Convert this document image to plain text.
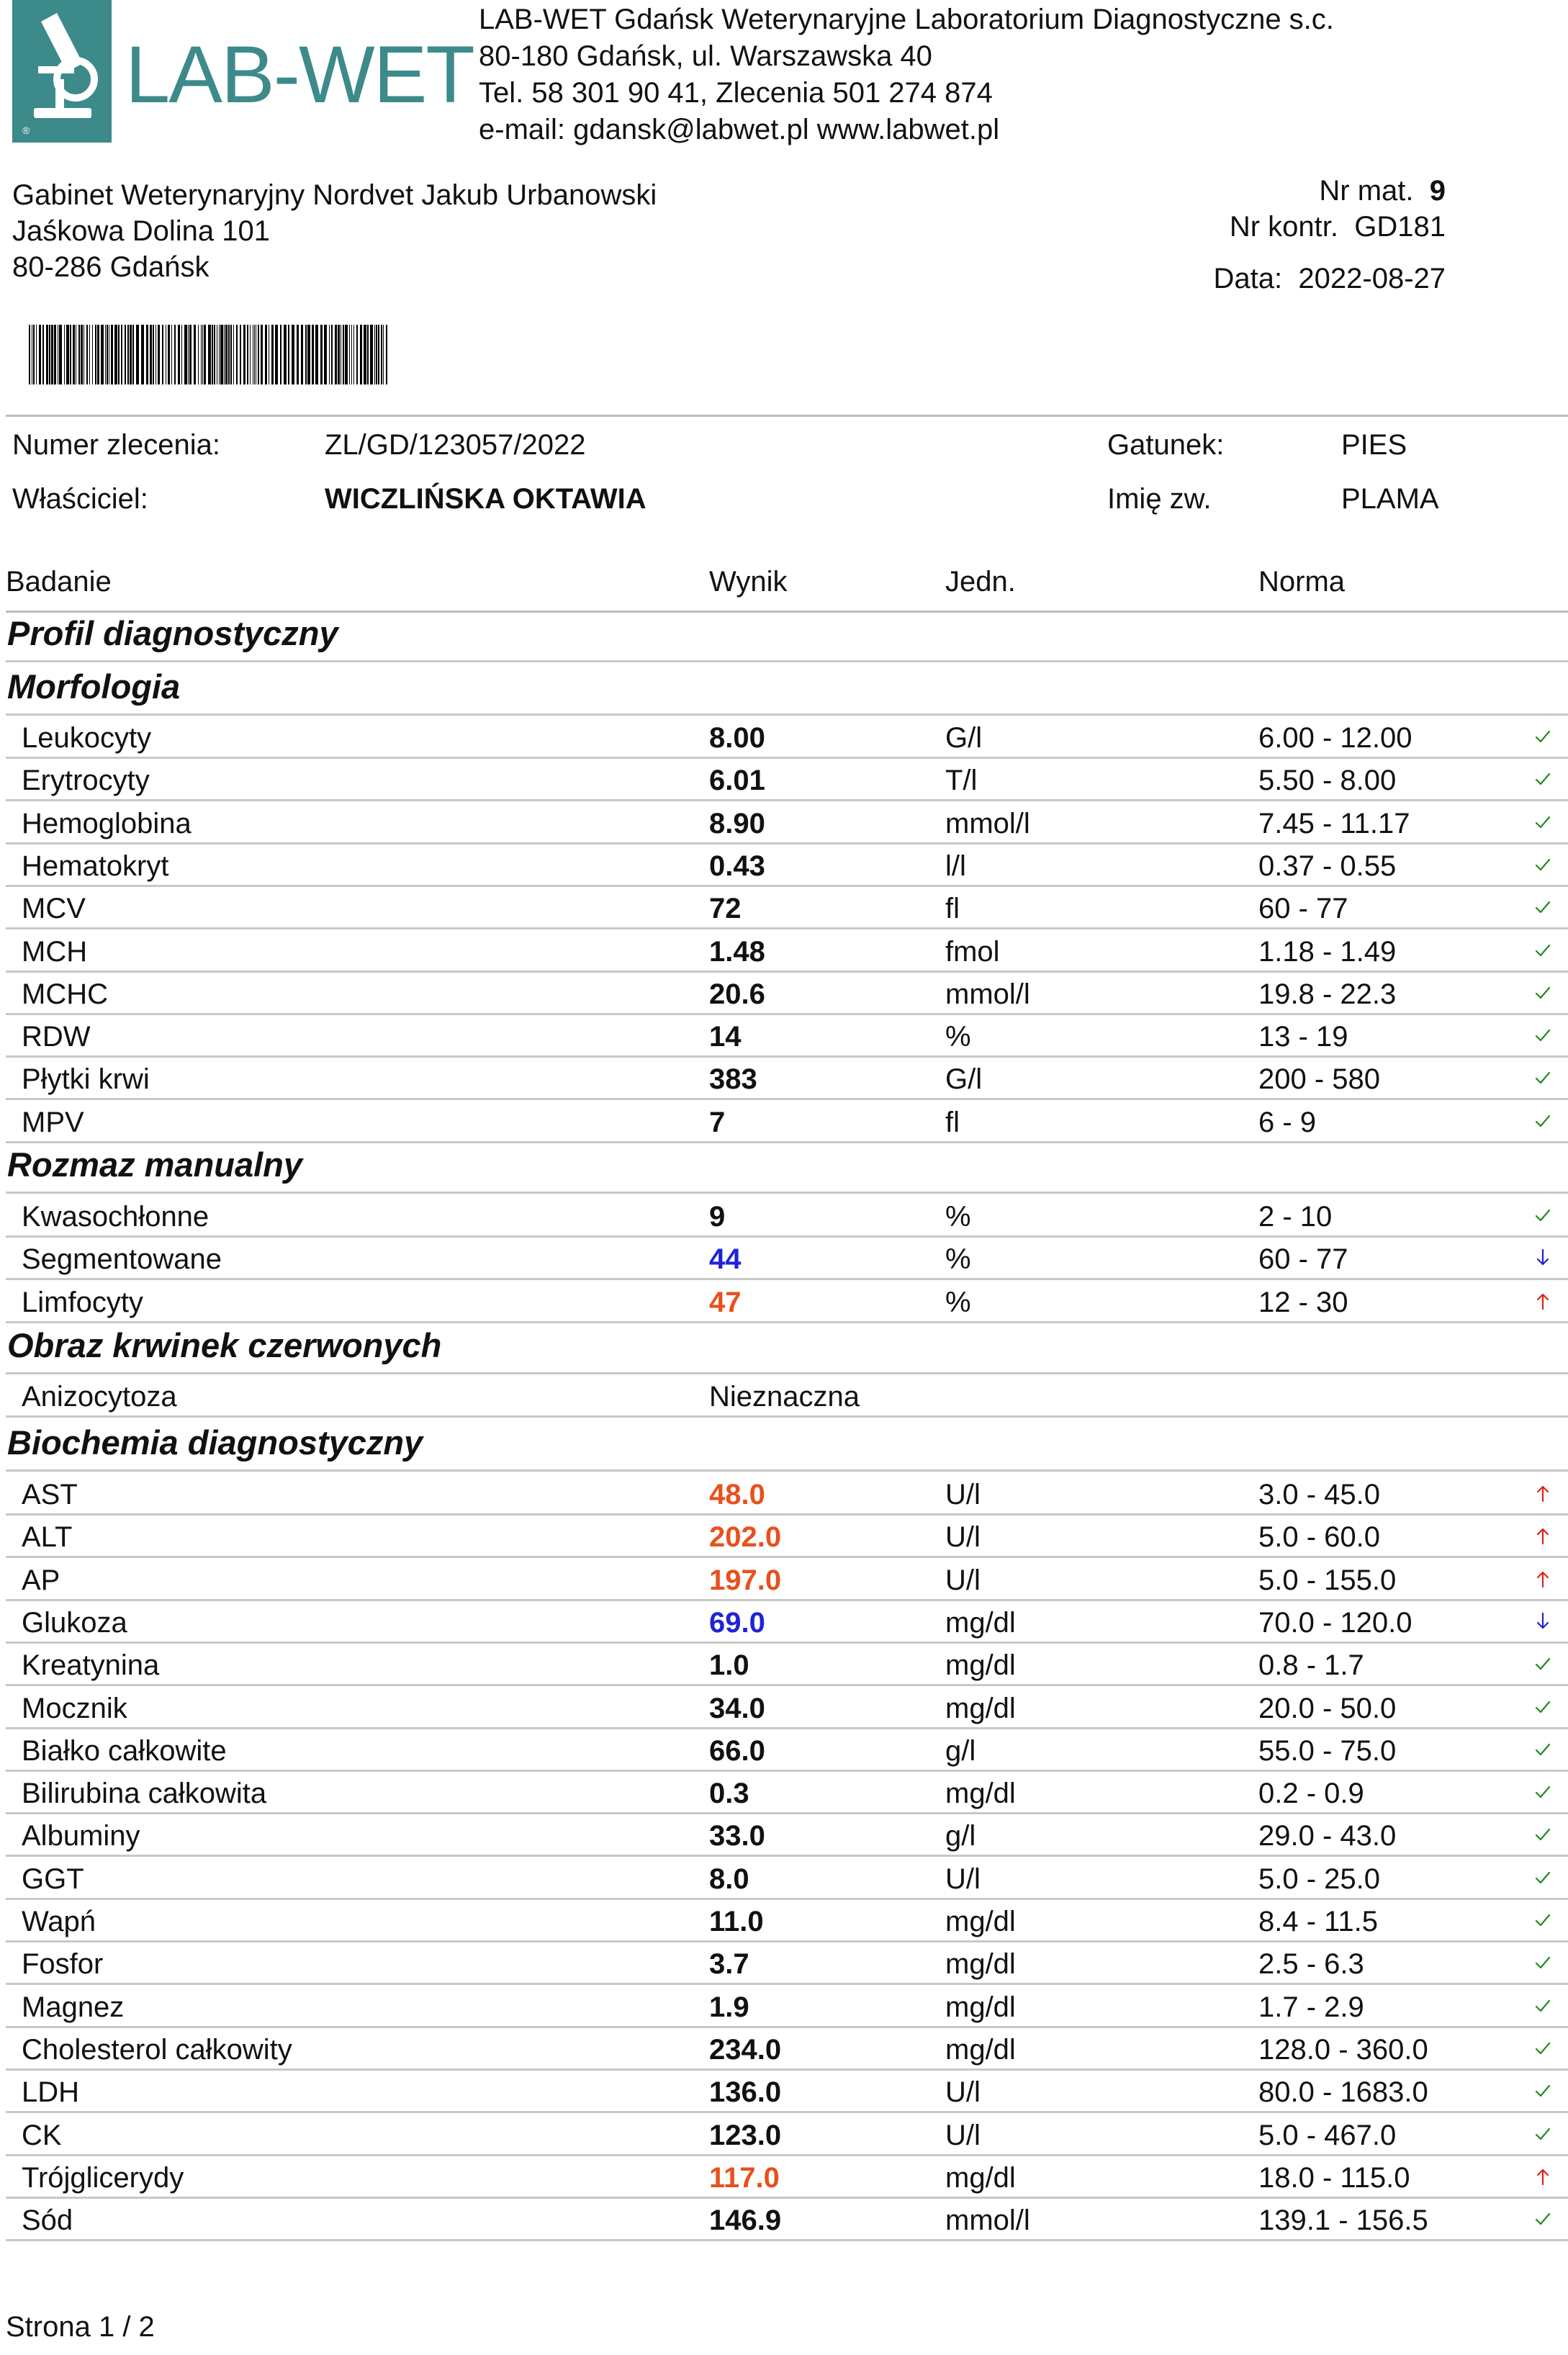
®
LAB-WET
LAB-WET Gdańsk Weterynaryjne Laboratorium Diagnostyczne s.c.
80-180 Gdańsk, ul. Warszawska 40
Tel. 58 301 90 41, Zlecenia 501 274 874
e-mail: gdansk@labwet.pl www.labwet.pl
Gabinet Weterynaryjny Nordvet Jakub Urbanowski
Jaśkowa Dolina 101
80-286 Gdańsk
Nr mat. 9
Nr kontr. GD181
Data: 2022-08-27
Numer zlecenia:	ZL/GD/123057/2022	Gatunek:	PIES
Właściciel:	WICZLIŃSKA OKTAWIA	Imię zw.	PLAMA
Badanie	Wynik	Jedn.	Norma
Profil diagnostyczny
Morfologia
Leukocyty	8.00	G/l	6.00 - 12.00
Erytrocyty	6.01	T/l	5.50 - 8.00
Hemoglobina	8.90	mmol/l	7.45 - 11.17
Hematokryt	0.43	l/l	0.37 - 0.55
MCV	72	fl	60 - 77
MCH	1.48	fmol	1.18 - 1.49
MCHC	20.6	mmol/l	19.8 - 22.3
RDW	14	%	13 - 19
Płytki krwi	383	G/l	200 - 580
MPV	7	fl	6 - 9
Rozmaz manualny
Kwasochłonne	9	%	2 - 10
Segmentowane	44	%	60 - 77
Limfocyty	47	%	12 - 30
Obraz krwinek czerwonych
Anizocytoza	Nieznaczna
Biochemia diagnostyczny
AST	48.0	U/l	3.0 - 45.0
ALT	202.0	U/l	5.0 - 60.0
AP	197.0	U/l	5.0 - 155.0
Glukoza	69.0	mg/dl	70.0 - 120.0
Kreatynina	1.0	mg/dl	0.8 - 1.7
Mocznik	34.0	mg/dl	20.0 - 50.0
Białko całkowite	66.0	g/l	55.0 - 75.0
Bilirubina całkowita	0.3	mg/dl	0.2 - 0.9
Albuminy	33.0	g/l	29.0 - 43.0
GGT	8.0	U/l	5.0 - 25.0
Wapń	11.0	mg/dl	8.4 - 11.5
Fosfor	3.7	mg/dl	2.5 - 6.3
Magnez	1.9	mg/dl	1.7 - 2.9
Cholesterol całkowity	234.0	mg/dl	128.0 - 360.0
LDH	136.0	U/l	80.0 - 1683.0
CK	123.0	U/l	5.0 - 467.0
Trójglicerydy	117.0	mg/dl	18.0 - 115.0
Sód	146.9	mmol/l	139.1 - 156.5
Strona 1 / 2
